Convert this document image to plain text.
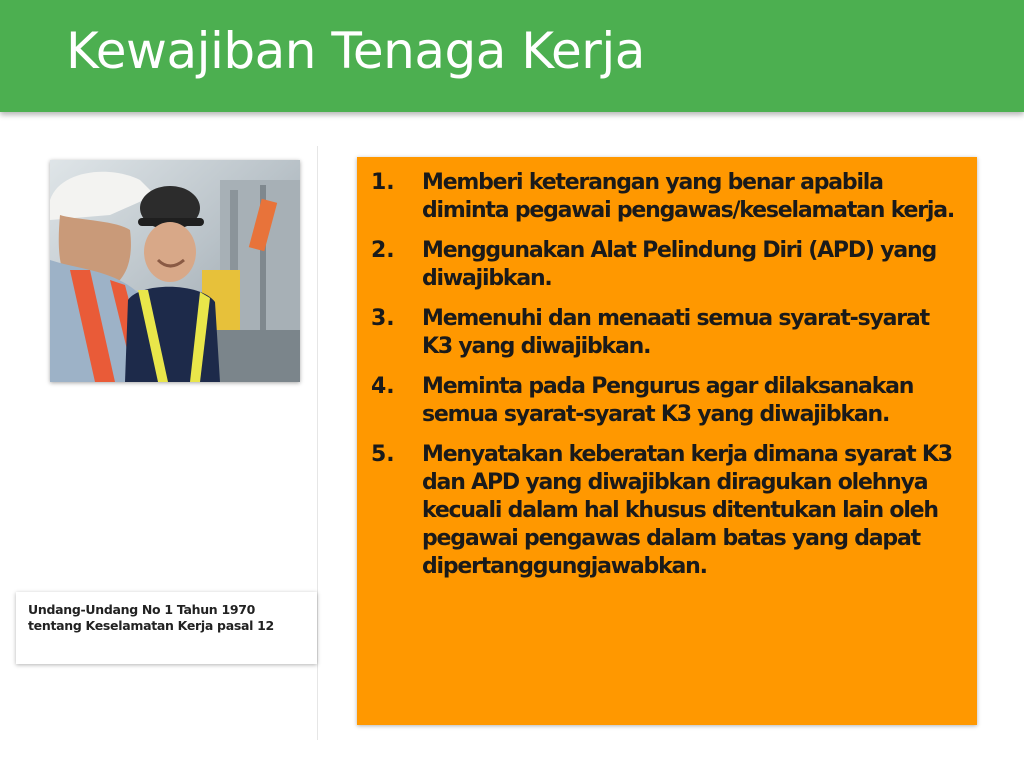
Kewajiban Tenaga Kerja
Undang-Undang No 1 Tahun 1970
tentang Keselamatan Kerja pasal 12
1.	Memberi keterangan yang benar apabila diminta pegawai pengawas/keselamatan kerja.
2.	Menggunakan Alat Pelindung Diri (APD) yang diwajibkan.
3.	Memenuhi dan menaati semua syarat-syarat K3 yang diwajibkan.
4.	Meminta pada Pengurus agar dilaksanakan semua syarat-syarat K3 yang diwajibkan.
5.	Menyatakan keberatan kerja dimana syarat K3 dan APD yang diwajibkan diragukan olehnya kecuali dalam hal khusus ditentukan lain oleh pegawai pengawas dalam batas yang dapat dipertanggungjawabkan.
